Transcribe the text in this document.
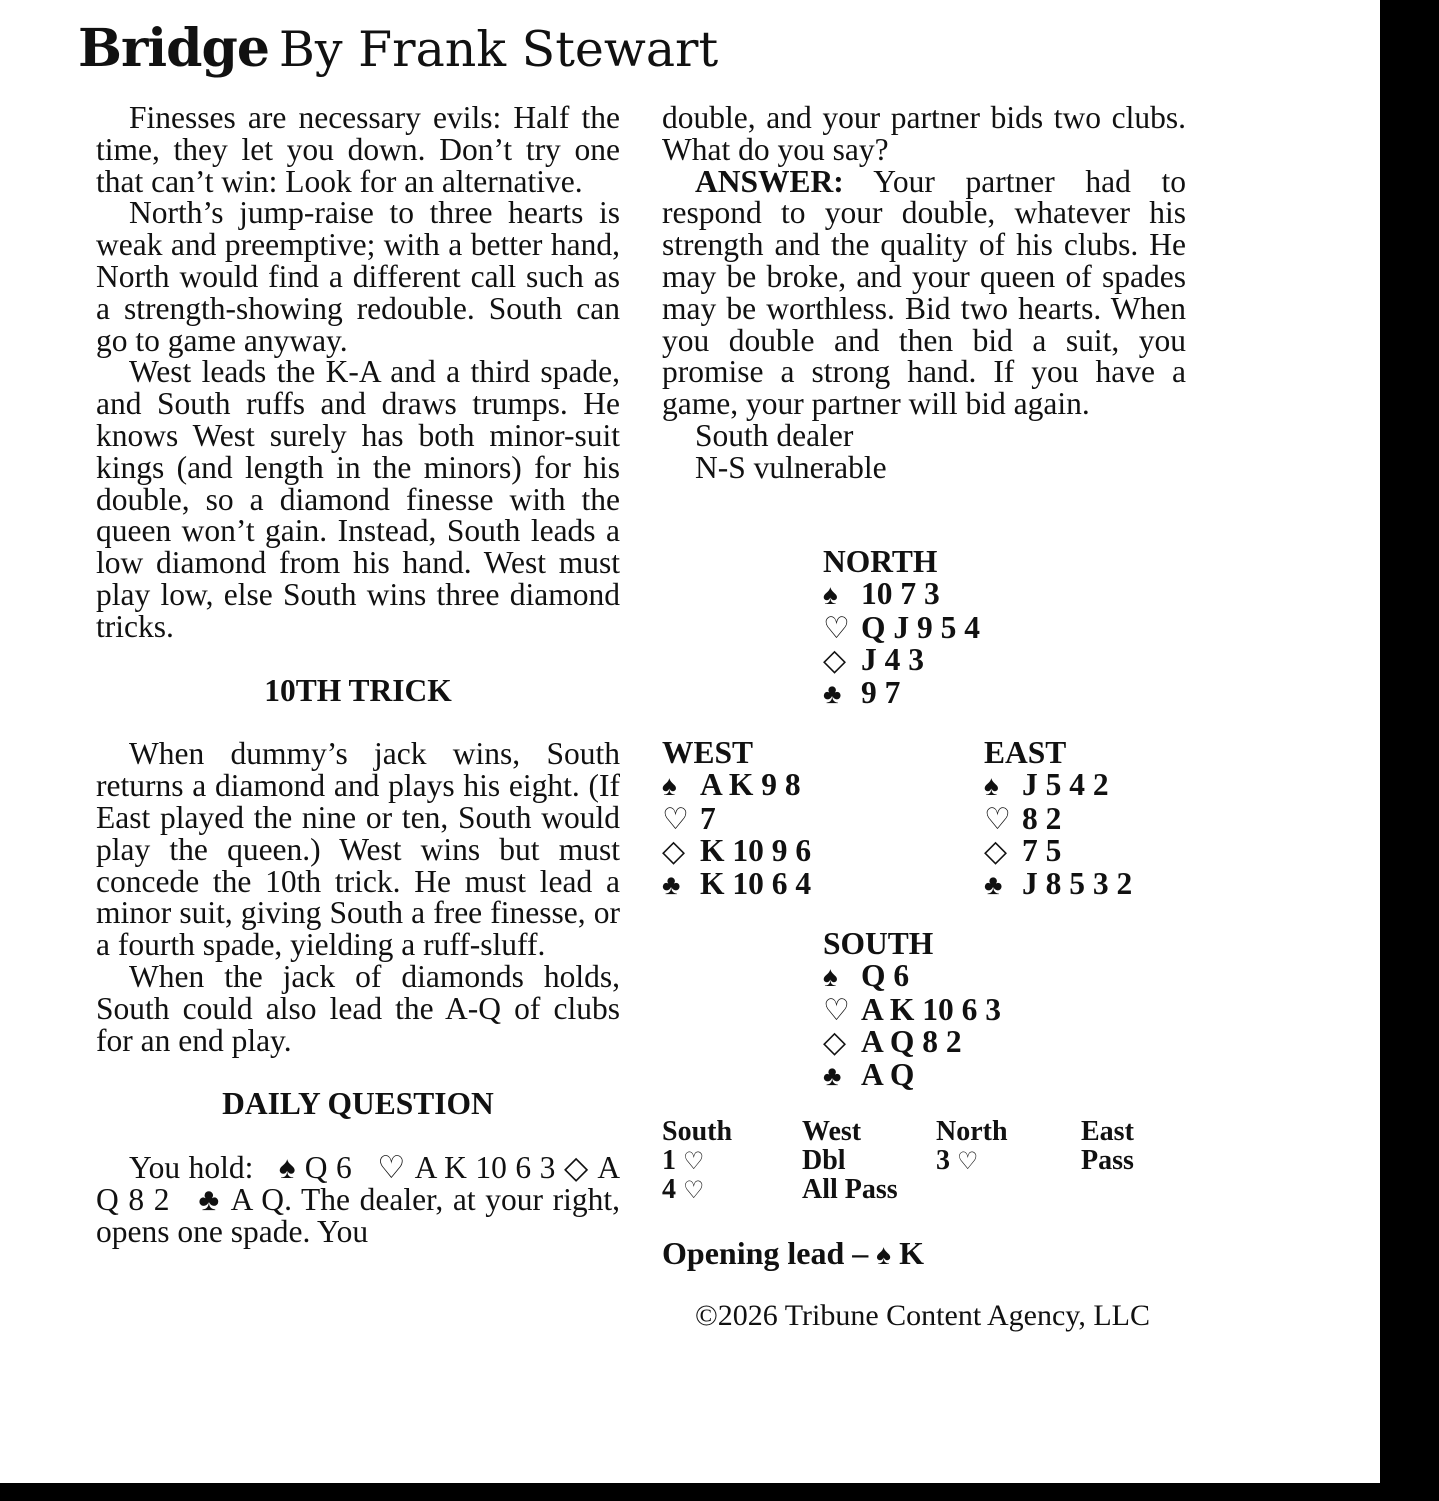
Bridge By Frank Stewart

Finesses are necessary evils: Half the time, they let you down. Don’t try one that can’t win: Look for an alternative.

North’s jump-raise to three hearts is weak and preemptive; with a better hand, North would find a different call such as a strength-showing redouble. South can go to game anyway.

West leads the K-A and a third spade, and South ruffs and draws trumps. He knows West surely has both minor-suit kings (and length in the minors) for his double, so a diamond finesse with the queen won’t gain. Instead, South leads a low diamond from his hand. West must play low, else South wins three diamond tricks.

10TH TRICK

When dummy’s jack wins, South returns a diamond and plays his eight. (If East played the nine or ten, South would play the queen.) West wins but must concede the 10th trick. He must lead a minor suit, giving South a free finesse, or a fourth spade, yielding a ruff-sluff.

When the jack of diamonds holds, South could also lead the A-Q of clubs for an end play.

DAILY QUESTION

You hold: ♠ Q 6 ♡ A K 10 6 3 ◇ A Q 8 2 ♣ A Q. The dealer, at your right, opens one spade. You

double, and your partner bids two clubs. What do you say?

ANSWER: Your partner had to respond to your double, whatever his strength and the quality of his clubs. He may be broke, and your queen of spades may be worthless. Bid two hearts. When you double and then bid a suit, you promise a strong hand. If you have a game, your partner will bid again.

South dealer

N-S vulnerable

NORTH
♠ 10 7 3
♡ Q J 9 5 4
◇ J 4 3
♣ 9 7
WEST
♠ A K 9 8
♡ 7
◇ K 10 9 6
♣ K 10 6 4
EAST
♠ J 5 4 2
♡ 8 2
◇ 7 5
♣ J 8 5 3 2
SOUTH
♠ Q 6
♡ A K 10 6 3
◇ A Q 8 2
♣ A Q
South	West	North	East
1 ♡	Dbl	3 ♡	Pass
4 ♡	All Pass
Opening lead – ♠ K
©2026 Tribune Content Agency, LLC
